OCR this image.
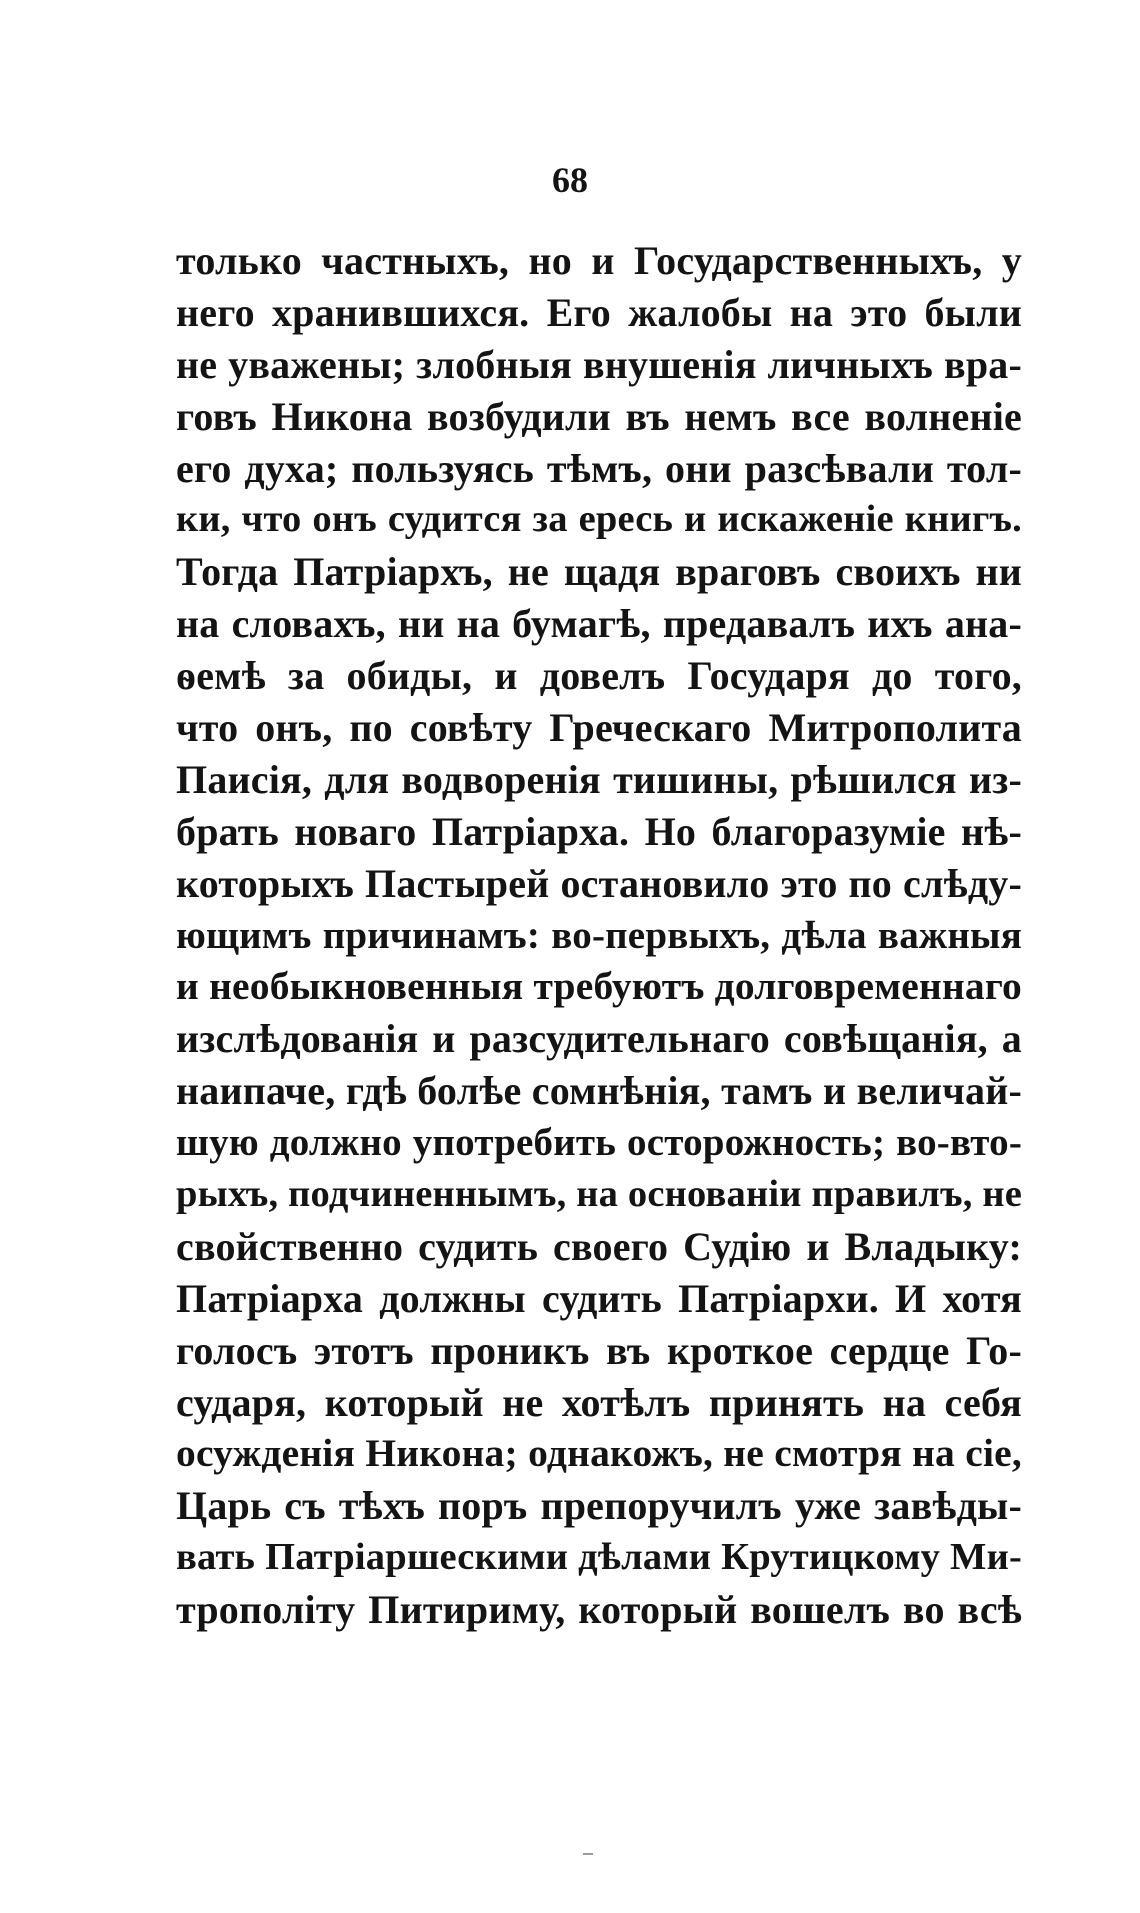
68
только частныхъ, но и Государственныхъ, у
него хранившихся. Его жалобы на это были
не уважены; злобныя внушенія личныхъ вра-
говъ Никона возбудили въ немъ все волненіе
его духа; пользуясь тѣмъ, они разсѣвали тол-
ки, что онъ судится за ересь и искаженіе книгъ.
Тогда Патріархъ, не щадя враговъ своихъ ни
на словахъ, ни на бумагѣ, предавалъ ихъ ана-
ѳемѣ за обиды, и довелъ Государя до того,
что онъ, по совѣту Греческаго Митрополита
Паисія, для водворенія тишины, рѣшился из-
брать новаго Патріарха. Но благоразуміе нѣ-
которыхъ Пастырей остановило это по слѣду-
ющимъ причинамъ: во-первыхъ, дѣла важныя
и необыкновенныя требуютъ долговременнаго
изслѣдованія и разсудительнаго совѣщанія, а
наипаче, гдѣ болѣе сомнѣнія, тамъ и величай-
шую должно употребить осторожность; во-вто-
рыхъ, подчиненнымъ, на основаніи правилъ, не
свойственно судить своего Судію и Владыку:
Патріарха должны судить Патріархи. И хотя
голосъ этотъ проникъ въ кроткое сердце Го-
сударя, который не хотѣлъ принять на себя
осужденія Никона; однакожъ, не смотря на сіе,
Царь съ тѣхъ поръ препоручилъ уже завѣды-
вать Патріаршескими дѣлами Крутицкому Ми-
трополіту Питириму, который вошелъ во всѣ
